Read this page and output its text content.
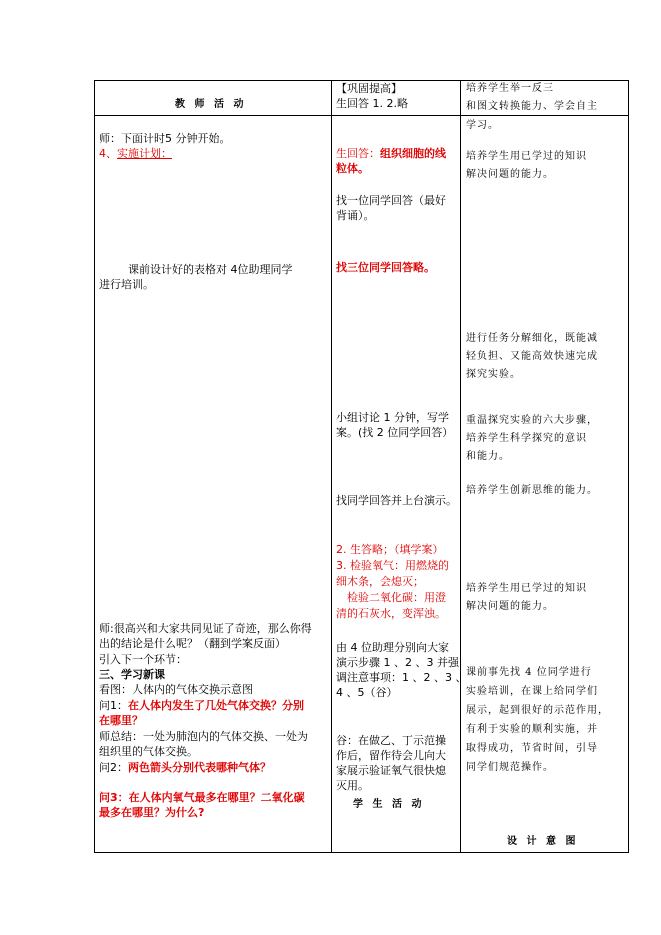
教 师 活 动
师：下面计时5 分钟开始。
4、实施计划：
课前设计好的表格对 4位助理同学
进行培训。
师:很高兴和大家共同见证了奇迹，那么你得
出的结论是什么呢？（翻到学案反面）
引入下一个环节：
三、学习新课
看图：人体内的气体交换示意图
问1：在人体内发生了几处气体交换？分别
在哪里？
师总结：一处为肺泡内的气体交换、一处为
组织里的气体交换。
问2：两色箭头分别代表哪种气体？
问3：在人体内氧气最多在哪里？二氧化碳
最多在哪里？为什么?
【巩固提高】
生回答 1. 2.略
生回答：组织细胞的线
粒体。
找一位同学回答（最好
背诵）。
找三位同学回答略。
小组讨论 1 分钟，写学
案。(找 2 位同学回答）
找同学回答并上台演示。
2. 生答略；（填学案）
3. 检验氧气：用燃烧的
细木条，会熄灭；
检验二氧化碳：用澄
清的石灰水，变浑浊。
由 4 位助理分别向大家
演示步骤 1 、2 、3 并强
调注意事项：1 、2 、3 、
4 、5（谷）
谷：在做乙、丁示范操
作后，留作待会儿向大
家展示验证氧气很快熄
灭用。
学 生 活 动
培养学生举一反三
和图文转换能力、学会自主
学习。
培养学生用已学过的知识
解决问题的能力。
进行任务分解细化，既能减
轻负担、又能高效快速完成
探究实验。
重温探究实验的六大步骤，
培养学生科学探究的意识
和能力。
培养学生创新思维的能力。
培养学生用已学过的知识
解决问题的能力。
课前事先找 4 位同学进行
实验培训，在课上给同学们
展示，起到很好的示范作用，
有利于实验的顺利实施，并
取得成功，节省时间，引导
同学们规范操作。
设 计 意 图
